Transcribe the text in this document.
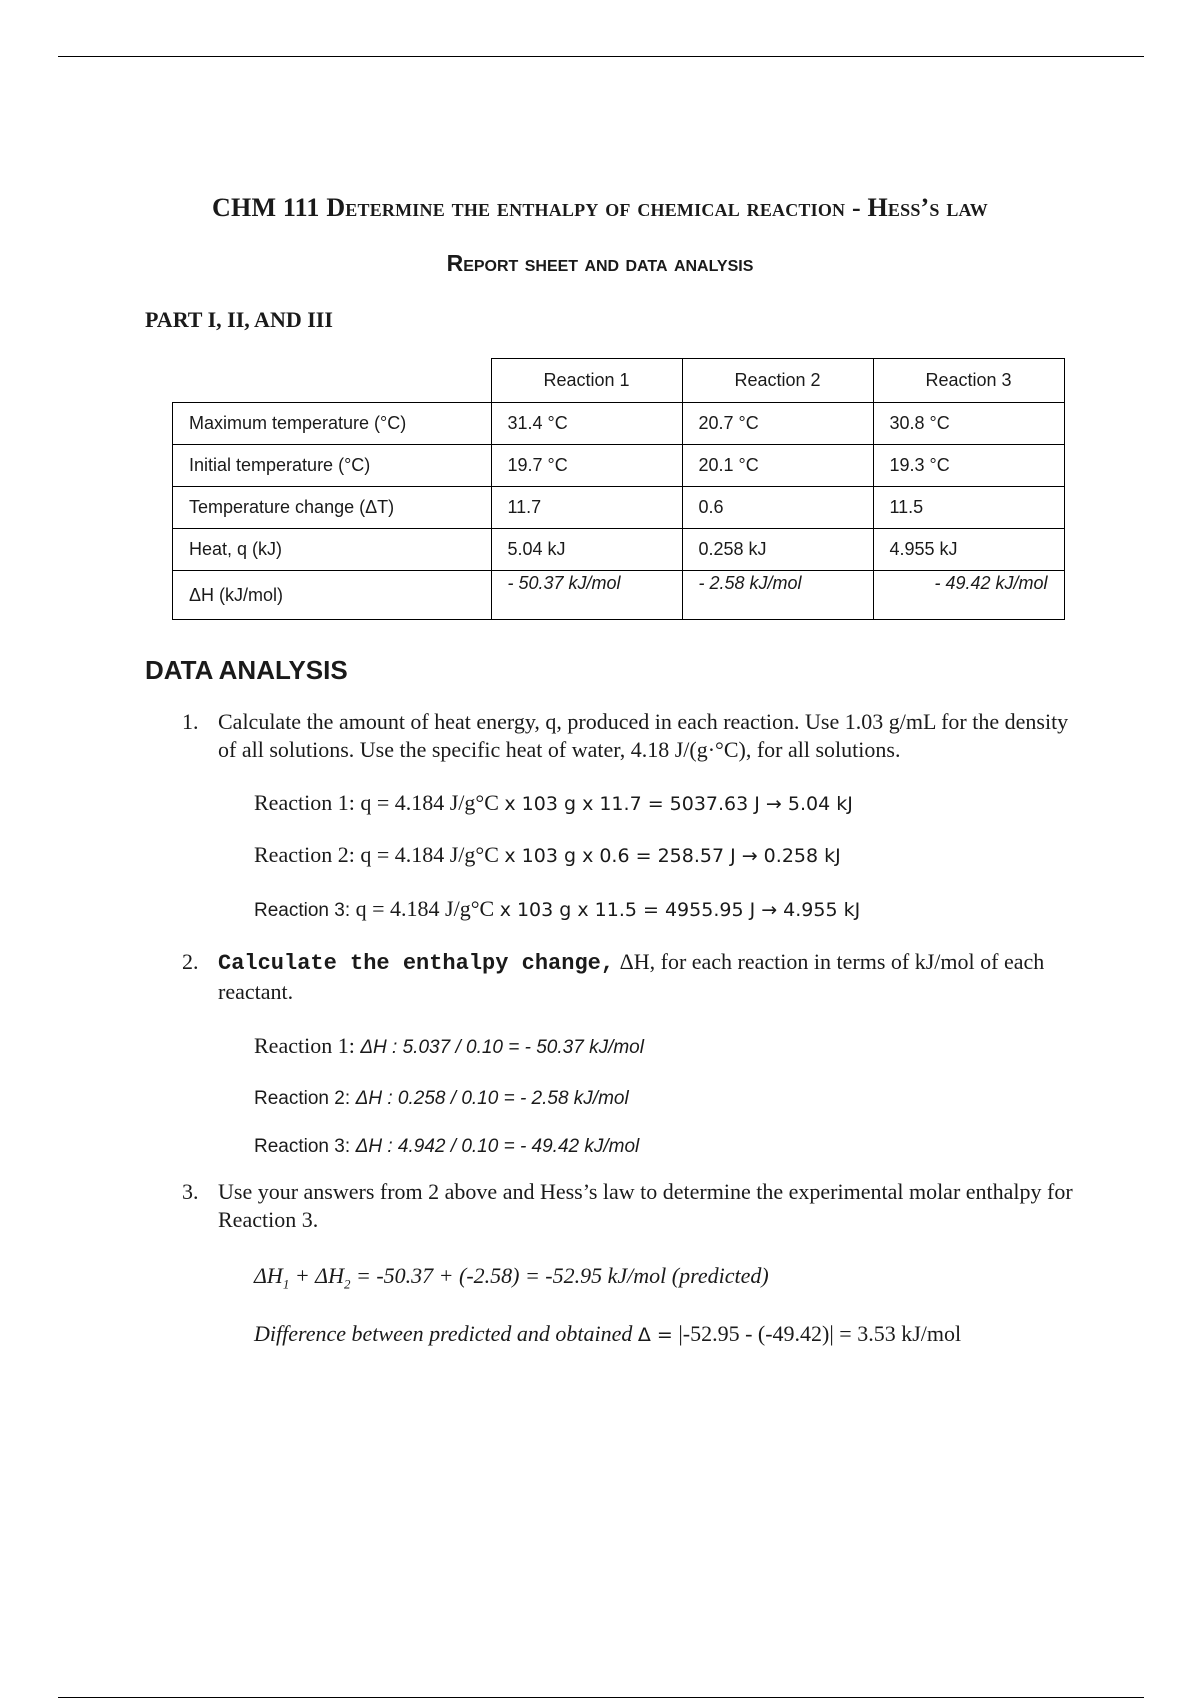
CHM 111 Determine the enthalpy of chemical reaction - Hess’s law
Report sheet and data analysis
PART I, II, AND III
	Reaction 1	Reaction 2	Reaction 3
Maximum temperature (°C)	31.4 °C	20.7 °C	30.8 °C
Initial temperature (°C)	19.7 °C	20.1 °C	19.3 °C
Temperature change (ΔT)	11.7	0.6	11.5
Heat, q (kJ)	5.04 kJ	0.258 kJ	4.955 kJ
ΔH (kJ/mol)	- 50.37 kJ/mol	- 2.58 kJ/mol	- 49.42 kJ/mol
DATA ANALYSIS
1. Calculate the amount of heat energy, q, produced in each reaction. Use 1.03 g/mL for the density of all solutions. Use the specific heat of water, 4.18 J/(g·°C), for all solutions.
Reaction 1: q = 4.184 J/g°C x 103 g x 11.7 = 5037.63 J → 5.04 kJ
Reaction 2: q = 4.184 J/g°C x 103 g x 0.6 = 258.57 J → 0.258 kJ
Reaction 3: q = 4.184 J/g°C x 103 g x 11.5 = 4955.95 J → 4.955 kJ
2. Calculate the enthalpy change, ΔH, for each reaction in terms of kJ/mol of each reactant.
Reaction 1: ΔH : 5.037 / 0.10 = - 50.37 kJ/mol
Reaction 2: ΔH : 0.258 / 0.10 = - 2.58 kJ/mol
Reaction 3: ΔH : 4.942 / 0.10 = - 49.42 kJ/mol
3. Use your answers from 2 above and Hess’s law to determine the experimental molar enthalpy for Reaction 3.
$\Delta H_1 + \Delta H_2 = -50.37 + (-2.58) = -52.95$ kJ/mol (predicted)
Difference between predicted and obtained Δ = |-52.95 - (-49.42)| = 3.53 kJ/mol
